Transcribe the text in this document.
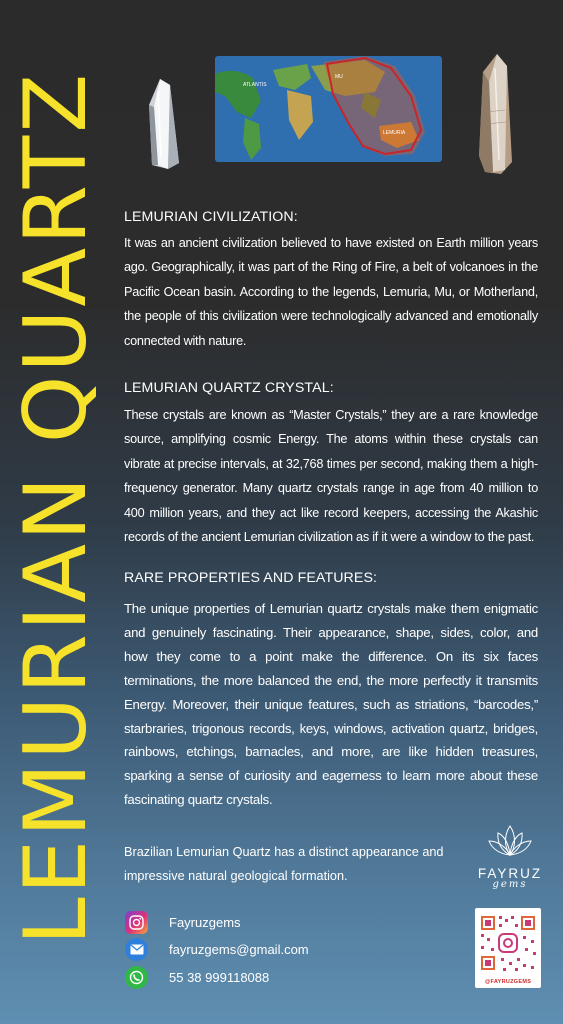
LEMURIAN QUARTZ	ATLANTIS
MU
LEMURIA

LEMURIAN CIVILIZATION:

It was an ancient civilization believed to have existed on Earth million years ago. Geographically, it was part of the Ring of Fire, a belt of volcanoes in the Pacific Ocean basin. According to the legends, Lemuria, Mu, or Motherland, the people of this civilization were technologically advanced and emotionally connected with nature.

LEMURIAN QUARTZ CRYSTAL:

These crystals are known as “Master Crystals,” they are a rare knowledge source, amplifying cosmic Energy. The atoms within these crystals can vibrate at precise intervals, at 32,768 times per second, making them a high-frequency generator. Many quartz crystals range in age from 40 million to 400 million years, and they act like record keepers, accessing the Akashic records of the ancient Lemurian civilization as if it were a window to the past.

RARE PROPERTIES AND FEATURES:

The unique properties of Lemurian quartz crystals make them enigmatic and genuinely fascinating. Their appearance, shape, sides, color, and how they come to a point make the difference. On its six faces terminations, the more balanced the end, the more perfectly it transmits Energy. Moreover, their unique features, such as striations, “barcodes,” starbraries, trigonous records, keys, windows, activation quartz, bridges, rainbows, etchings, barnacles, and more, are like hidden treasures, sparking a sense of curiosity and eagerness to learn more about these fascinating quartz crystals.

Brazilian Lemurian Quartz has a distinct appearance and impressive natural geological formation.	FAYRUZ
gems
Fayruzgems
fayruzgems@gmail.com
55 38 999118088	@FAYRUZGEMS
